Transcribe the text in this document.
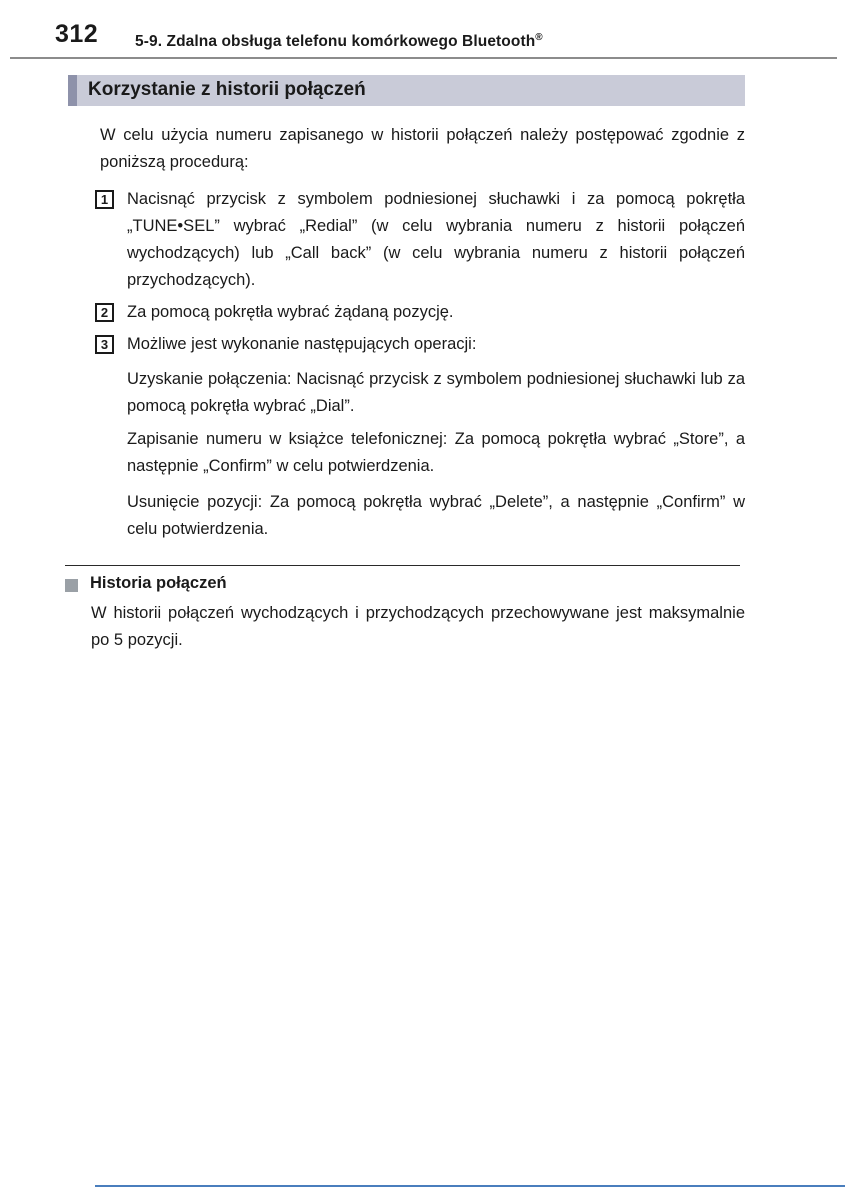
312 5-9. Zdalna obsługa telefonu komórkowego Bluetooth®
Korzystanie z historii połączeń
W celu użycia numeru zapisanego w historii połączeń należy postępować zgodnie z poniższą procedurą:
1	Nacisnąć przycisk z symbolem podniesionej słuchawki i za pomocą pokrętła „TUNE•SEL” wybrać „Redial” (w celu wybrania numeru z historii połączeń wychodzących) lub „Call back” (w celu wybrania numeru z historii połączeń przychodzących).
2	Za pomocą pokrętła wybrać żądaną pozycję.
3	Możliwe jest wykonanie następujących operacji:
Uzyskanie połączenia: Nacisnąć przycisk z symbolem podniesionej słuchawki lub za pomocą pokrętła wybrać „Dial”.
Zapisanie numeru w książce telefonicznej: Za pomocą pokrętła wybrać „Store”, a następnie „Confirm” w celu potwierdzenia.
Usunięcie pozycji: Za pomocą pokrętła wybrać „Delete”, a następnie „Confirm” w celu potwierdzenia.
Historia połączeń
W historii połączeń wychodzących i przychodzących przechowywane jest maksymalnie po 5 pozycji.
